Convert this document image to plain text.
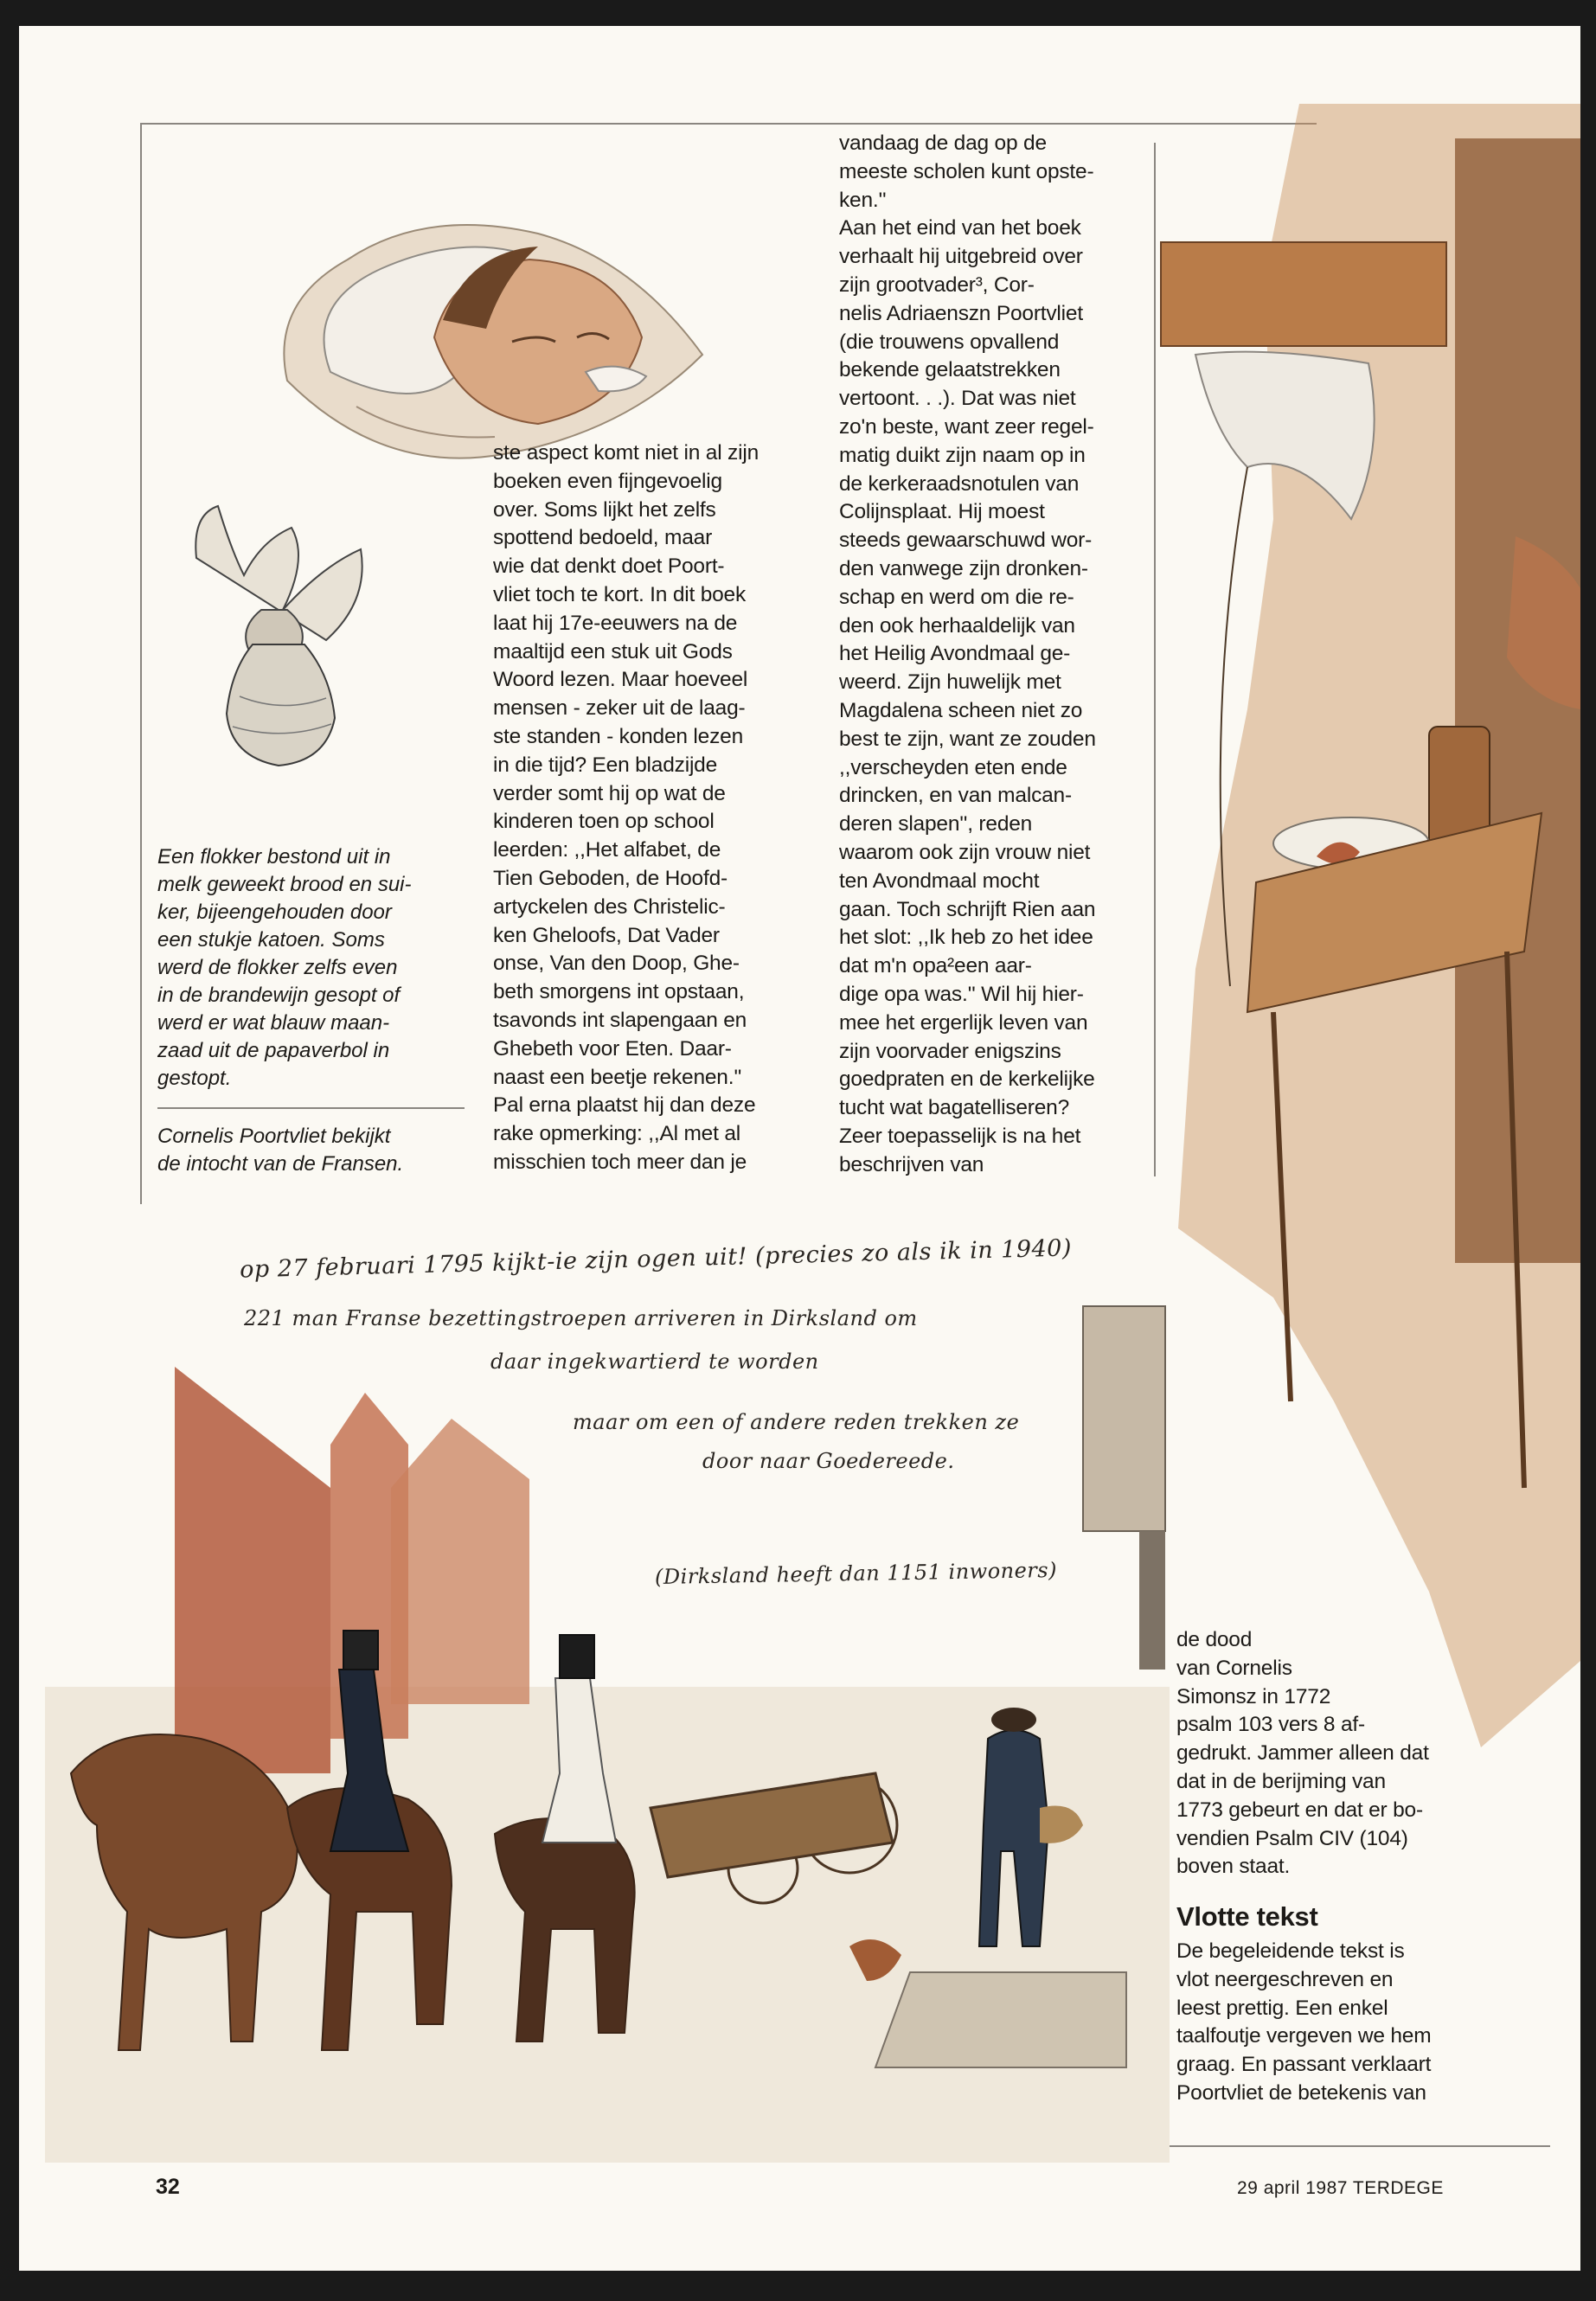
Een flokker bestond uit in
melk geweekt brood en sui-
ker, bijeengehouden door
een stukje katoen. Soms
werd de flokker zelfs even
in de brandewijn gesopt of
werd er wat blauw maan-
zaad uit de papaverbol in
gestopt.
Cornelis Poortvliet bekijkt
de intocht van de Fransen.
ste aspect komt niet in al zijn
boeken even fijngevoelig
over. Soms lijkt het zelfs
spottend bedoeld, maar
wie dat denkt doet Poort-
vliet toch te kort. In dit boek
laat hij 17e-eeuwers na de
maaltijd een stuk uit Gods
Woord lezen. Maar hoeveel
mensen - zeker uit de laag-
ste standen - konden lezen
in die tijd? Een bladzijde
verder somt hij op wat de
kinderen toen op school
leerden: ,,Het alfabet, de
Tien Geboden, de Hoofd-
artyckelen des Christelic-
ken Gheloofs, Dat Vader
onse, Van den Doop, Ghe-
beth smorgens int opstaan,
tsavonds int slapengaan en
Ghebeth voor Eten. Daar-
naast een beetje rekenen.''
Pal erna plaatst hij dan deze
rake opmerking: ,,Al met al
misschien toch meer dan je
vandaag de dag op de
meeste scholen kunt opste-
ken.''
Aan het eind van het boek
verhaalt hij uitgebreid over
zijn grootvader³, Cor-
nelis Adriaenszn Poortvliet
(die trouwens opvallend
bekende gelaatstrekken
vertoont. . .). Dat was niet
zo'n beste, want zeer regel-
matig duikt zijn naam op in
de kerkeraadsnotulen van
Colijnsplaat. Hij moest
steeds gewaarschuwd wor-
den vanwege zijn dronken-
schap en werd om die re-
den ook herhaaldelijk van
het Heilig Avondmaal ge-
weerd. Zijn huwelijk met
Magdalena scheen niet zo
best te zijn, want ze zouden
,,verscheyden eten ende
drincken, en van malcan-
deren slapen'', reden
waarom ook zijn vrouw niet
ten Avondmaal mocht
gaan. Toch schrijft Rien aan
het slot: ,,Ik heb zo het idee
dat m'n opa²een aar-
dige opa was.'' Wil hij hier-
mee het ergerlijk leven van
zijn voorvader enigszins
goedpraten en de kerkelijke
tucht wat bagatelliseren?
Zeer toepasselijk is na het
beschrijven van
de dood
van Cornelis
Simonsz in 1772
psalm 103 vers 8 af-
gedrukt. Jammer alleen dat
dat in de berijming van
1773 gebeurt en dat er bo-
vendien Psalm CIV (104)
boven staat.
Vlotte tekst
De begeleidende tekst is
vlot neergeschreven en
leest prettig. Een enkel
taalfoutje vergeven we hem
graag. En passant verklaart
Poortvliet de betekenis van
op 27 februari 1795 kijkt-ie zijn ogen uit! (precies zo als ik in 1940)
221 man Franse bezettingstroepen arriveren in Dirksland om
daar ingekwartierd te worden
maar om een of andere reden trekken ze
door naar Goedereede.
(Dirksland heeft dan 1151 inwoners)
32	29 april 1987 TERDEGE
